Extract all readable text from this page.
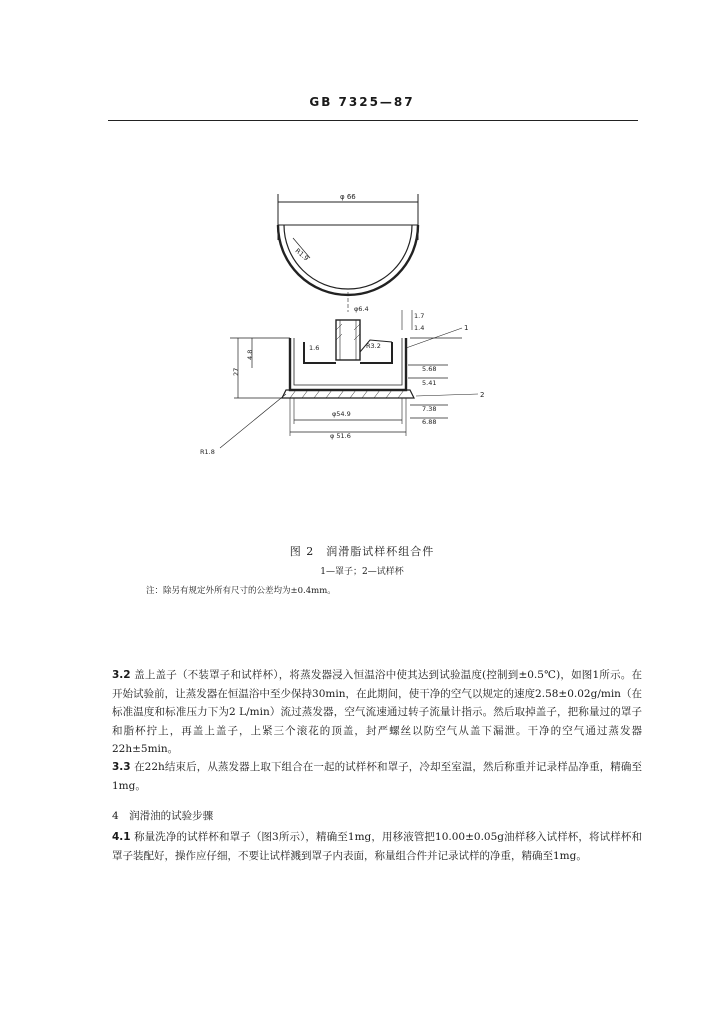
GB 7325—87
φ 66
R1.9
φ6.4
1.7
1.4
1.6	R3.2
4.8
27	5.68
5.41
7.38
6.88
φ54.9
φ 51.6
R1.8
1
2
图 2　润滑脂试样杯组合件
1—罩子；2—试样杯
注：除另有规定外所有尺寸的公差均为±0.4mm。
3.2 盖上盖子（不装罩子和试样杯），将蒸发器浸入恒温浴中使其达到试验温度(控制到±0.5℃)，如图1所示。在开始试验前，让蒸发器在恒温浴中至少保持30min，在此期间，使干净的空气以规定的速度2.58±0.02g/min（在标准温度和标准压力下为2 L/min）流过蒸发器，空气流速通过转子流量计指示。然后取掉盖子，把称量过的罩子和脂杯拧上，再盖上盖子，上紧三个滚花的顶盖，封严螺丝以防空气从盖下漏泄。干净的空气通过蒸发器22h±5min。
3.3 在22h结束后，从蒸发器上取下组合在一起的试样杯和罩子，冷却至室温，然后称重并记录样品净重，精确至1mg。
4　润滑油的试验步骤
4.1 称量洗净的试样杯和罩子（图3所示），精确至1mg，用移液管把10.00±0.05g油样移入试样杯，将试样杯和罩子装配好，操作应仔细，不要让试样溅到罩子内表面，称量组合件并记录试样的净重，精确至1mg。
